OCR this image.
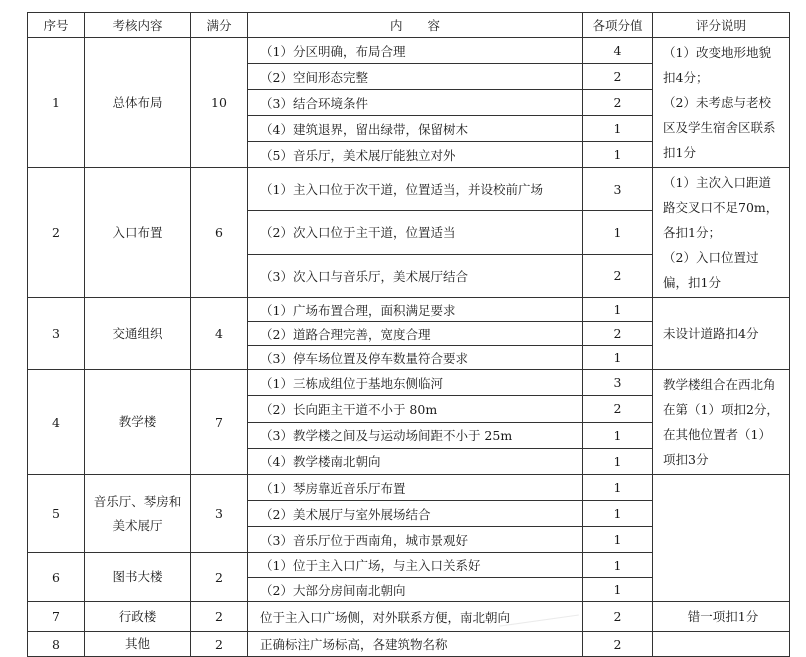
序号	考核内容	满分	内　　容	各项分值	评分说明
1	总体布局	10	（1）分区明确，布局合理	4	（1）改变地形地貌扣4分；
（2）未考虑与老校区及学生宿舍区联系扣1分

			（2）空间形态完整	2	
			（3）结合环境条件	2	
			（4）建筑退界，留出绿带，保留树木	1	
			（5）音乐厅，美术展厅能独立对外	1	
2	入口布置	6	（1）主入口位于次干道，位置适当，并设校前广场	3	（1）主次入口距道路交叉口不足70m，各扣1分；
（2）入口位置过偏，扣1分

			（2）次入口位于主干道，位置适当	1	
			（3）次入口与音乐厅，美术展厅结合	2	
3	交通组织	4	（1）广场布置合理，面积满足要求	1	未设计道路扣4分

			（2）道路合理完善，宽度合理	2	
			（3）停车场位置及停车数量符合要求	1	
4	教学楼	7	（1）三栋成组位于基地东侧临河	3	教学楼组合在西北角在第（1）项扣2分，在其他位置者（1）项扣3分

			（2）长向距主干道不小于 80m	2	
			（3）教学楼之间及与运动场间距不小于 25m	1	
			（4）教学楼南北朝向	1	
5	音乐厅、琴房和美术展厅	3	（1）琴房靠近音乐厅布置	1	
			（2）美术展厅与室外展场结合	1	
			（3）音乐厅位于西南角，城市景观好	1	
6	图书大楼	2	（1）位于主入口广场，与主入口关系好	1	
			（2）大部分房间南北朝向	1	
7	行政楼	2	位于主入口广场侧，对外联系方便，南北朝向	2	错一项扣1分

8	其他	2	正确标注广场标高，各建筑物名称	2	
